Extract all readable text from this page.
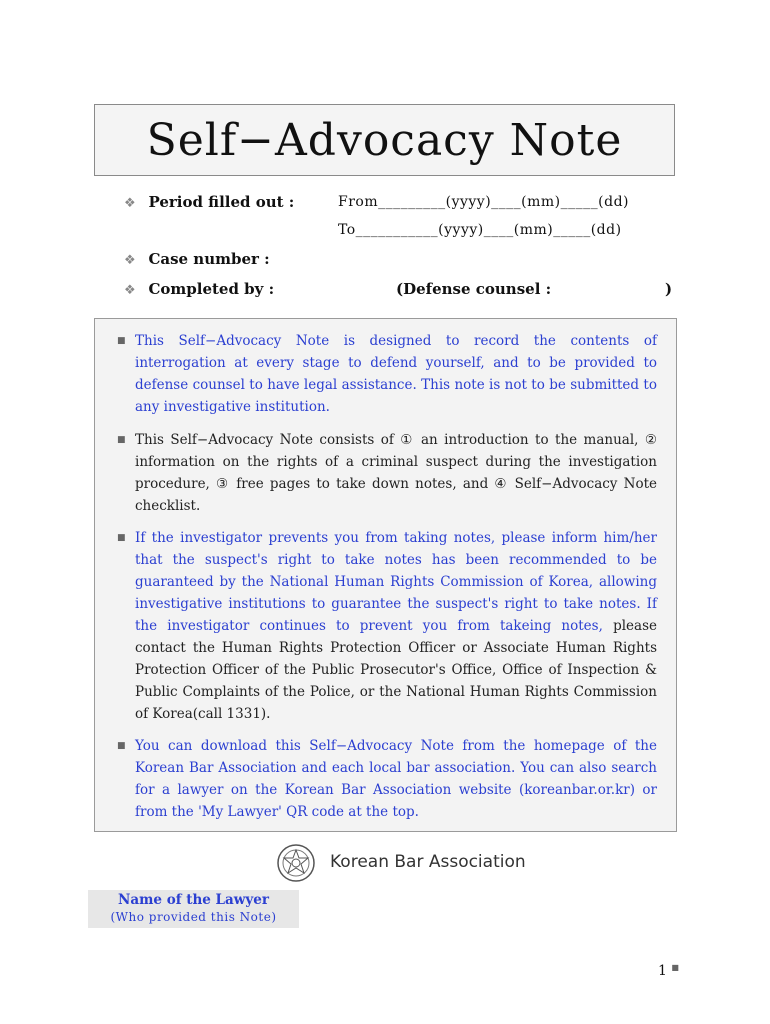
Self−Advocacy Note
❖ Period filled out :	From_________(yyyy)____(mm)_____(dd)
To___________(yyyy)____(mm)_____(dd)
❖ Case number :
❖ Completed by :	(Defense counsel :	)
■ This Self−Advocacy Note is designed to record the contents of interrogation at every stage to defend yourself, and to be provided to defense counsel to have legal assistance. This note is not to be submitted to any investigative institution.
■ This Self−Advocacy Note consists of ① an introduction to the manual, ② information on the rights of a criminal suspect during the investigation procedure, ③ free pages to take down notes, and ④ Self−Advocacy Note checklist.
■ If the investigator prevents you from taking notes, please inform him/her that the suspect's right to take notes has been recommended to be guaranteed by the National Human Rights Commission of Korea, allowing investigative institutions to guarantee the suspect's right to take notes. If the investigator continues to prevent you from takeing notes, please contact the Human Rights Protection Officer or Associate Human Rights Protection Officer of the Public Prosecutor's Office, Office of Inspection & Public Complaints of the Police, or the National Human Rights Commission of Korea(call 1331).
■ You can download this Self−Advocacy Note from the homepage of the Korean Bar Association and each local bar association. You can also search for a lawyer on the Korean Bar Association website (koreanbar.or.kr) or from the 'My Lawyer' QR code at the top.
Korean Bar Association
Name of the Lawyer
(Who provided this Note)
1 ■
